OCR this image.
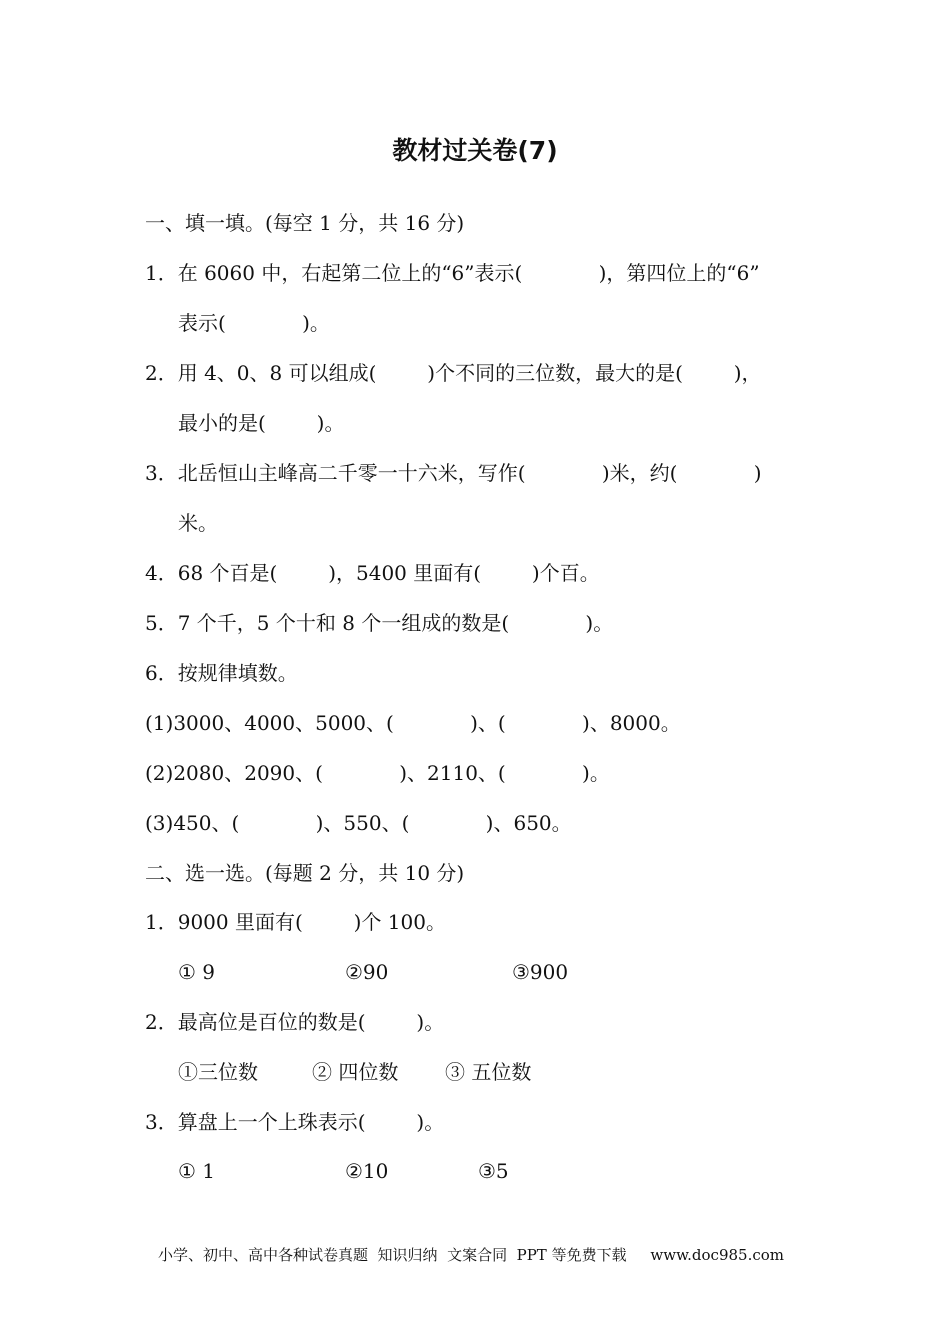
教材过关卷(7)
一、填一填。(每空 1 分，共 16 分)
1．在 6060 中，右起第二位上的“6”表示(            )，第四位上的“6”
表示(            )。
2．用 4、0、8 可以组成(        )个不同的三位数，最大的是(        )，
最小的是(        )。
3．北岳恒山主峰高二千零一十六米，写作(            )米，约(            )
米。
4．68 个百是(        )，5400 里面有(        )个百。
5．7 个千，5 个十和 8 个一组成的数是(            )。
6．按规律填数。
(1)3000、4000、5000、(            )、(            )、8000。
(2)2080、2090、(            )、2110、(            )。
(3)450、(            )、550、(            )、650。
二、选一选。(每题 2 分，共 10 分)
1．9000 里面有(        )个 100。
① 9	②90	③900
2．最高位是百位的数是(        )。
①三位数	② 四位数 ③ 五位数
3．算盘上一个上珠表示(        )。
① 1	②10	③5
小学、初中、高中各种试卷真题  知识归纳  文案合同  PPT 等免费下载     www.doc985.com
